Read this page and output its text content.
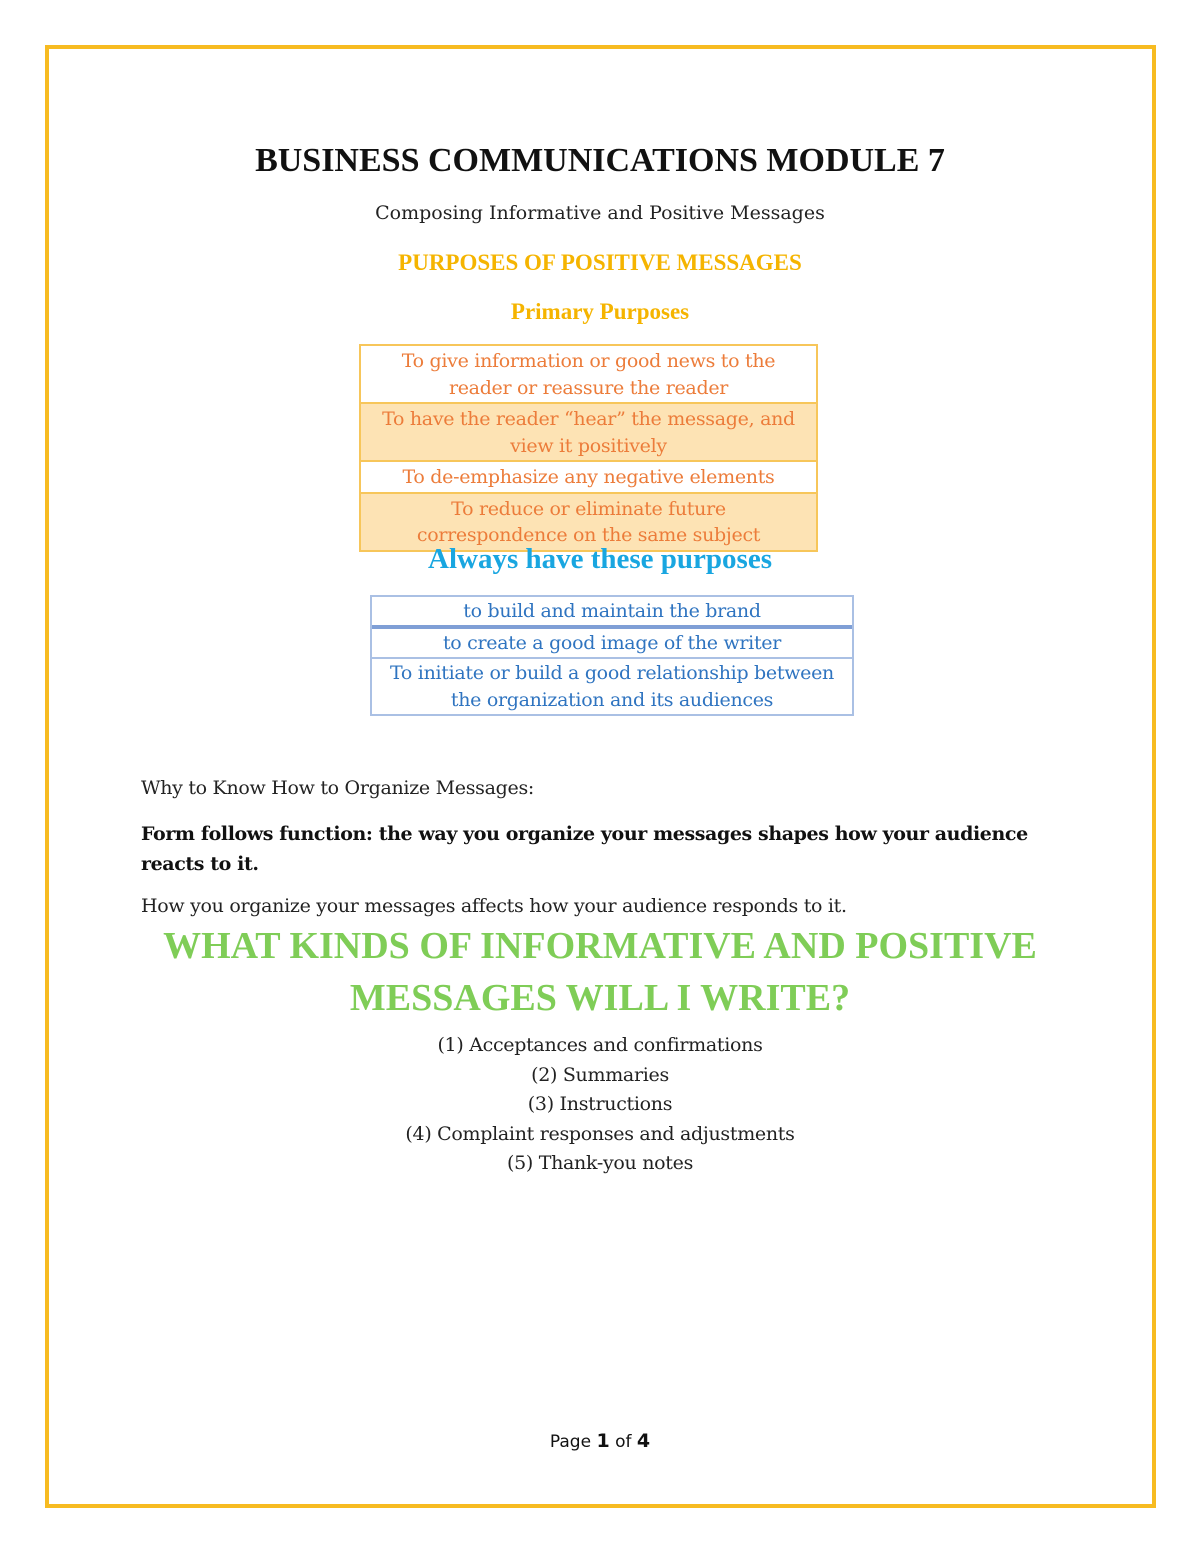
BUSINESS COMMUNICATIONS MODULE 7

Composing Informative and Positive Messages

PURPOSES OF POSITIVE MESSAGES
Primary Purposes
To give information or good news to the reader or reassure the reader
To have the reader “hear” the message, and view it positively
To de-emphasize any negative elements
To reduce or eliminate future correspondence on the same subject
Always have these purposes
to build and maintain the brand
to create a good image of the writer
To initiate or build a good relationship between the organization and its audiences

Why to Know How to Organize Messages:

Form follows function: the way you organize your messages shapes how your audience reacts to it.

How you organize your messages affects how your audience responds to it.

WHAT KINDS OF INFORMATIVE AND POSITIVE
MESSAGES WILL I WRITE?
(1) Acceptances and confirmations
(2) Summaries
(3) Instructions
(4) Complaint responses and adjustments
(5) Thank-you notes
Page 1 of 4
